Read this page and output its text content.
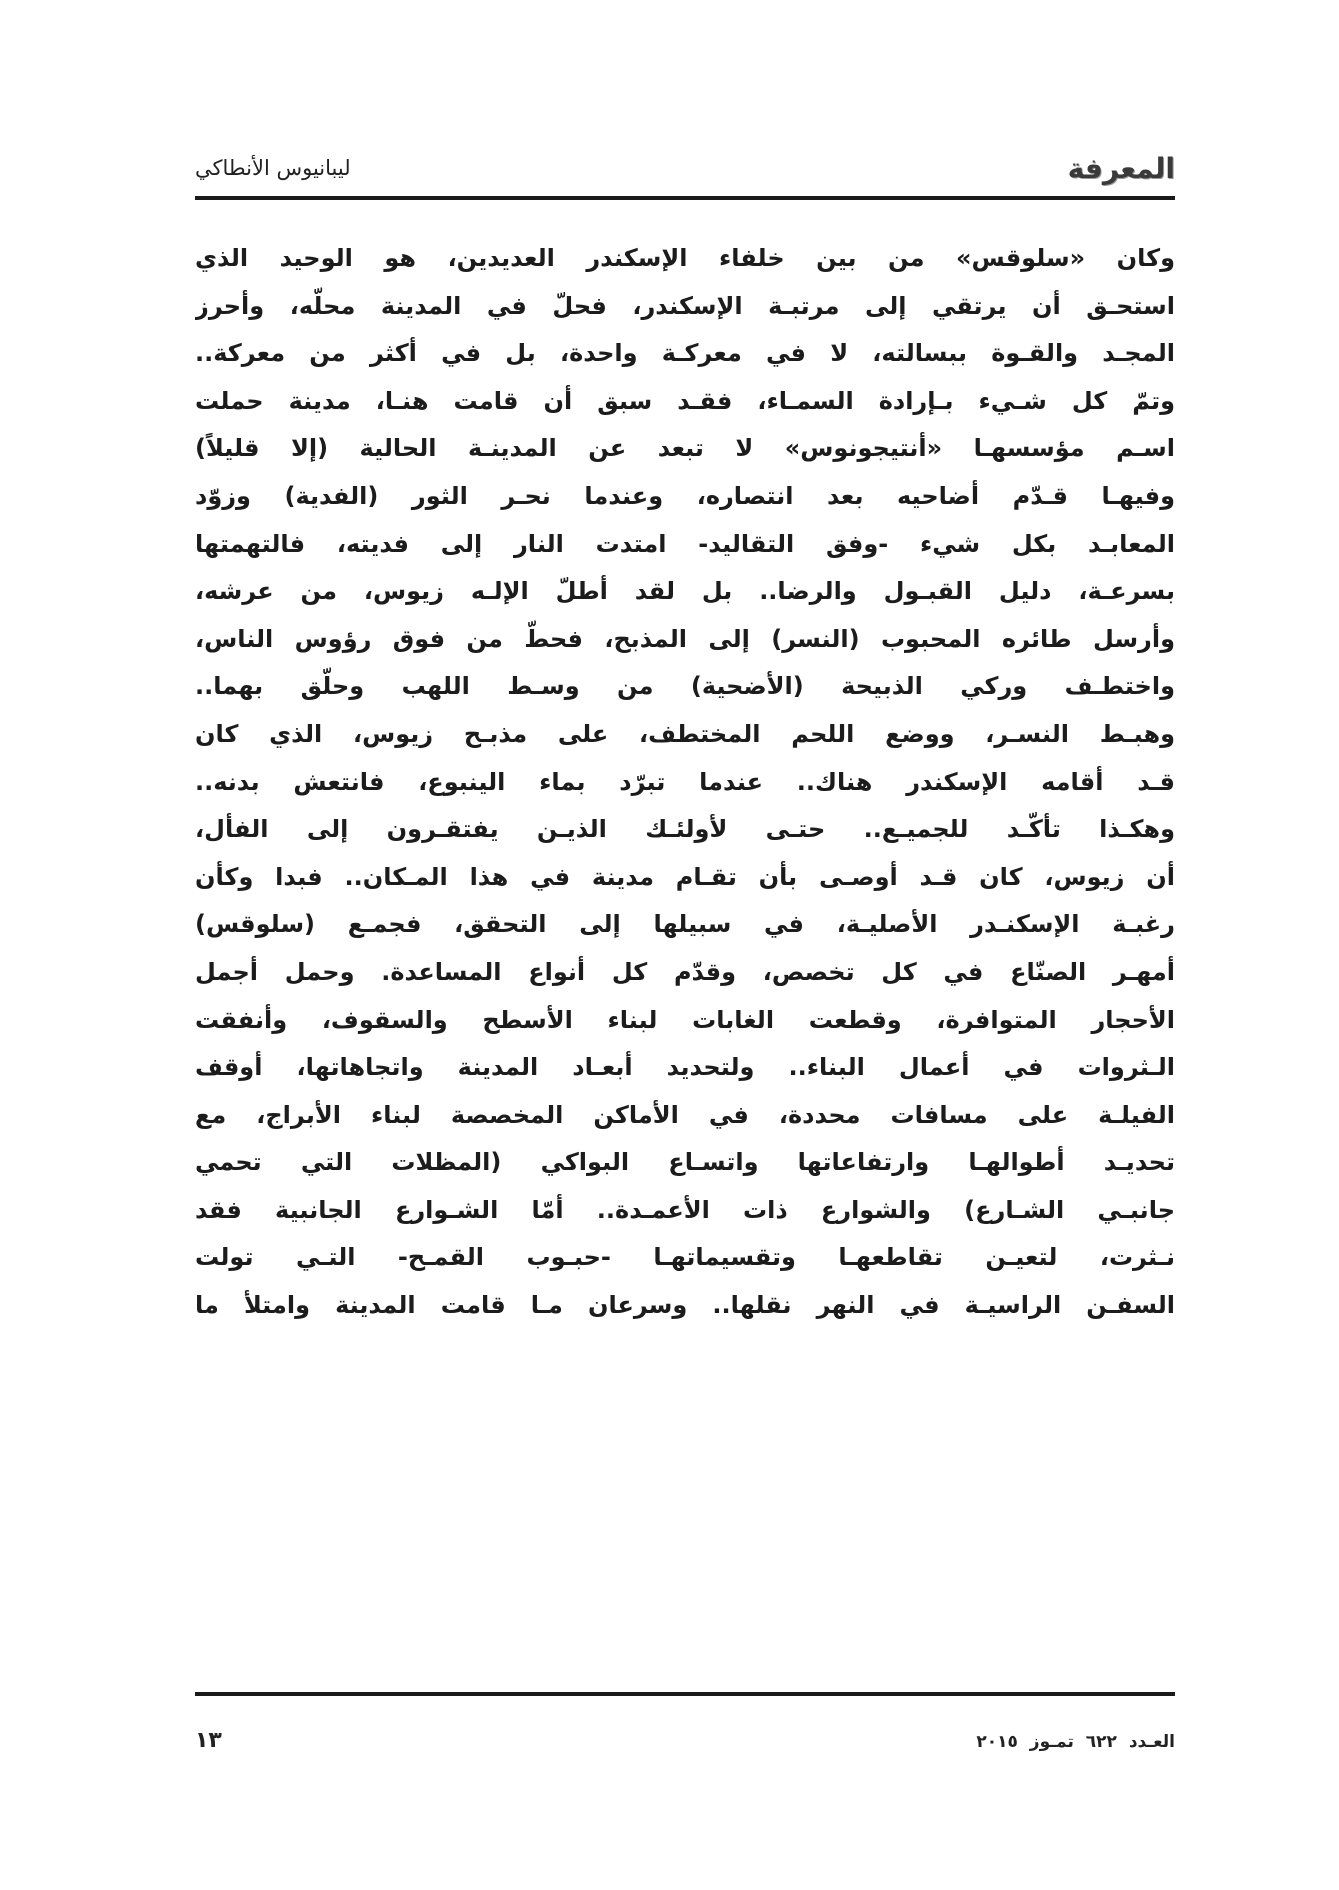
المعرفة
ليبانيوس الأنطاكي
وكان «سلوقس» من بين خلفاء الإسكندر العديدين، هو الوحيد الذي
استحـق أن يرتقي إلى مرتبـة الإسكندر، فحلّ في المدينة محلّه، وأحرز
المجـد والقـوة ببسالته، لا في معركـة واحدة، بل في أكثر من معركة..
وتمّ كل شـيء بـإرادة السمـاء، فقـد سبق أن قامت هنـا، مدينة حملت
اسـم مؤسسهـا «أنتيجونوس» لا تبعد عن المدينـة الحالية (إلا قليلاً)
وفيهـا قـدّم أضاحيه بعد انتصاره، وعندما نحـر الثور (الفدية) وزوّد
المعابـد بكل شيء -وفق التقاليد- امتدت النار إلى فديته، فالتهمتها
بسرعـة، دليل القبـول والرضا.. بل لقد أطلّ الإلـه زيوس، من عرشه،
وأرسل طائره المحبوب (النسر) إلى المذبح، فحطّ من فوق رؤوس الناس،
واختطـف وركي الذبيحة (الأضحية) من وسـط اللهب وحلّق بهما..
وهبـط النسـر، ووضع اللحم المختطف، على مذبـح زيوس، الذي كان
قـد أقامه الإسكندر هناك.. عندما تبرّد بماء الينبوع، فانتعش بدنه..
وهكـذا تأكّـد للجميـع.. حتـى لأولئـك الذيـن يفتقـرون إلى الفأل،
أن زيوس، كان قـد أوصـى بأن تقـام مدينة في هذا المـكان.. فبدا وكأن
رغبـة الإسكنـدر الأصليـة، في سبيلها إلى التحقق، فجمـع (سلوقس)
أمهـر الصنّاع في كل تخصص، وقدّم كل أنواع المساعدة. وحمل أجمل
الأحجار المتوافرة، وقطعت الغابات لبناء الأسطح والسقوف، وأنفقت
الـثروات في أعمال البناء.. ولتحديد أبعـاد المدينة واتجاهاتها، أوقف
الفيلـة على مسافات محددة، في الأماكن المخصصة لبناء الأبراج، مع
تحديـد أطوالهـا وارتفاعاتها واتسـاع البواكي (المظلات التي تحمي
جانبـي الشـارع) والشوارع ذات الأعمـدة.. أمّا الشـوارع الجانبية فقد
نـثرت، لتعيـن تقاطعهـا وتقسيماتهـا -حبـوب القمـح- التـي تولت
السفـن الراسيـة في النهر نقلها.. وسرعان مـا قامت المدينة وامتلأ ما
العـدد ٦٢٢ تمـوز ٢٠١٥
١٣
